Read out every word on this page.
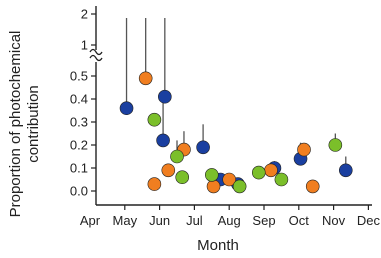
0.0
0.1
0.2
0.3
0.4
0.5
1
2
Apr May Jun Jul Aug Sep Oct Nov Dec
Month
Proportion of photochemical contribution
